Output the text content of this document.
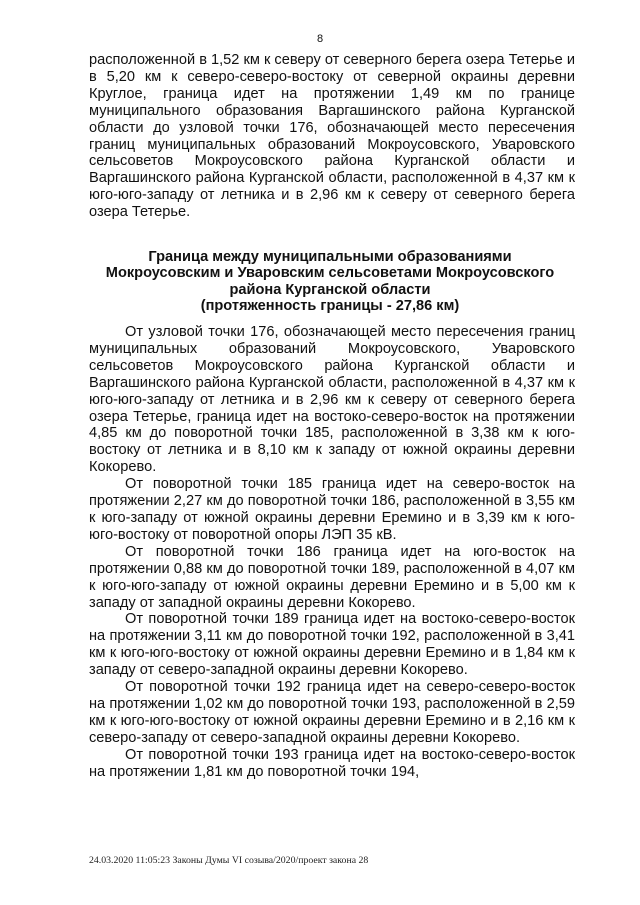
8

расположенной в 1,52 км к северу от северного берега озера Тетерье и в 5,20 км к северо-северо-востоку от северной окраины деревни Круглое, граница идет на протяжении 1,49 км по границе муниципального образования Варгашинского района Курганской области до узловой точки 176, обозначающей место пересечения границ муниципальных образований Мокроусовского, Уваровского сельсоветов Мокроусовского района Курганской области и Варгашинского района Курганской области, расположенной в 4,37 км к юго-юго-западу от летника и в 2,96 км к северу от северного берега озера Тетерье.

Граница между муниципальными образованиями
Мокроусовским и Уваровским сельсоветами Мокроусовского
района Курганской области
(протяженность границы - 27,86 км)

От узловой точки 176, обозначающей место пересечения границ муниципальных образований Мокроусовского, Уваровского сельсоветов Мокроусовского района Курганской области и Варгашинского района Курганской области, расположенной в 4,37 км к юго-юго-западу от летника и в 2,96 км к северу от северного берега озера Тетерье, граница идет на востоко-северо-восток на протяжении 4,85 км до поворотной точки 185, расположенной в 3,38 км к юго-востоку от летника и в 8,10 км к западу от южной окраины деревни Кокорево.

От поворотной точки 185 граница идет на северо-восток на протяжении 2,27 км до поворотной точки 186, расположенной в 3,55 км к юго-западу от южной окраины деревни Еремино и в 3,39 км к юго-юго-востоку от поворотной опоры ЛЭП 35 кВ.

От поворотной точки 186 граница идет на юго-восток на протяжении 0,88 км до поворотной точки 189, расположенной в 4,07 км к юго-юго-западу от южной окраины деревни Еремино и в 5,00 км к западу от западной окраины деревни Кокорево.

От поворотной точки 189 граница идет на востоко-северо-восток на протяжении 3,11 км до поворотной точки 192, расположенной в 3,41 км к юго-юго-востоку от южной окраины деревни Еремино и в 1,84 км к западу от северо-западной окраины деревни Кокорево.

От поворотной точки 192 граница идет на северо-северо-восток на протяжении 1,02 км до поворотной точки 193, расположенной в 2,59 км к юго-юго-востоку от южной окраины деревни Еремино и в 2,16 км к северо-западу от северо-западной окраины деревни Кокорево.

От поворотной точки 193 граница идет на востоко-северо-восток на протяжении 1,81 км до поворотной точки 194,

24.03.2020 11:05:23 Законы Думы VI созыва/2020/проект закона 28
